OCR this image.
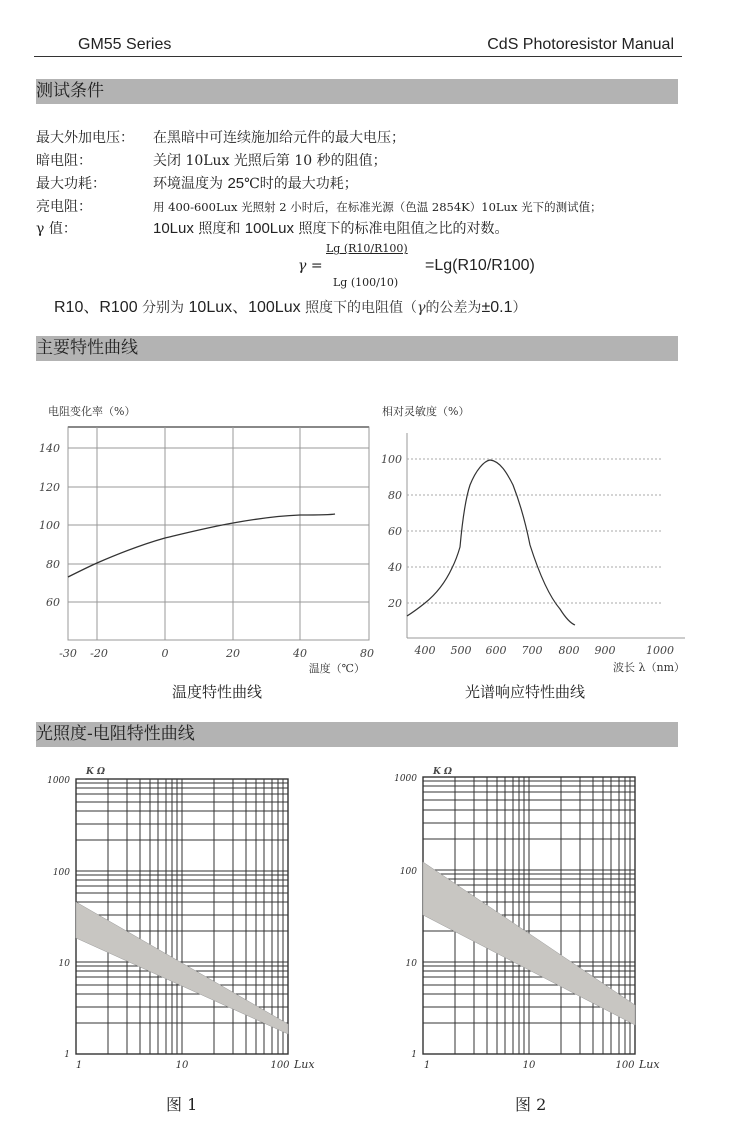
GM55 Series	CdS Photoresistor Manual
测试条件
最大外加电压： 在黑暗中可连续施加给元件的最大电压；
暗电阻：	关闭 10Lux 光照后第 10 秒的阻值；
最大功耗：	环境温度为 25℃时的最大功耗；
亮电阻：	用 400-600Lux 光照射 2 小时后，在标准光源（色温 2854K）10Lux 光下的测试值；
γ 值：	10Lux 照度和 100Lux 照度下的标准电阻值之比的对数。
Lg (R10/R100)
γ =
Lg (100/10)
=Lg(R10/R100)
R10、R100 分别为 10Lux、100Lux 照度下的电阻值（γ的公差为±0.1）
主要特性曲线
电阻变化率（%）
140
120
100
80
60
-30 -20	0	20	40	80
温度（℃）
温度特性曲线
相对灵敏度（%）
100
80
60
40
20
400 500 600 700 800 900	1000
波长 λ（nm）
光谱响应特性曲线
光照度-电阻特性曲线
K Ω
1000
100
10
1
1	10	100 Lux
图 1
K Ω
1000
100
10
1
1	10	100 Lux
图 2
